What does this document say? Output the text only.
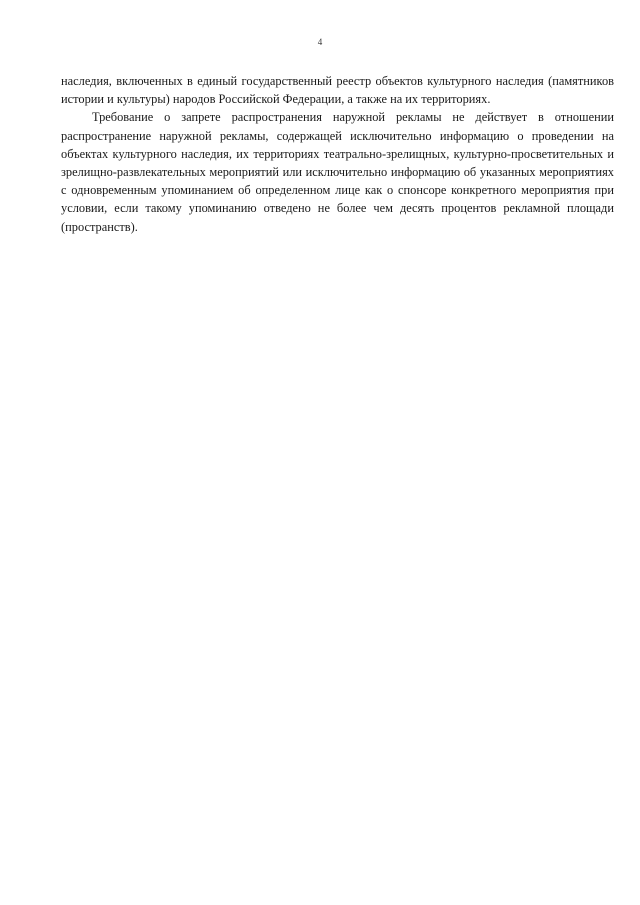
4

наследия, включенных в единый государственный реестр объектов культурного наследия (памятников истории и культуры) народов Российской Федерации, а также на их территориях.

Требование о запрете распространения наружной рекламы не действует в отношении распространение наружной рекламы, содержащей исключительно информацию о проведении на объектах культурного наследия, их территориях театрально-зрелищных, культурно-просветительных и зрелищно-развлекательных мероприятий или исключительно информацию об указанных мероприятиях с одновременным упоминанием об определенном лице как о спонсоре конкретного мероприятия при условии, если такому упоминанию отведено не более чем десять процентов рекламной площади (пространств).
